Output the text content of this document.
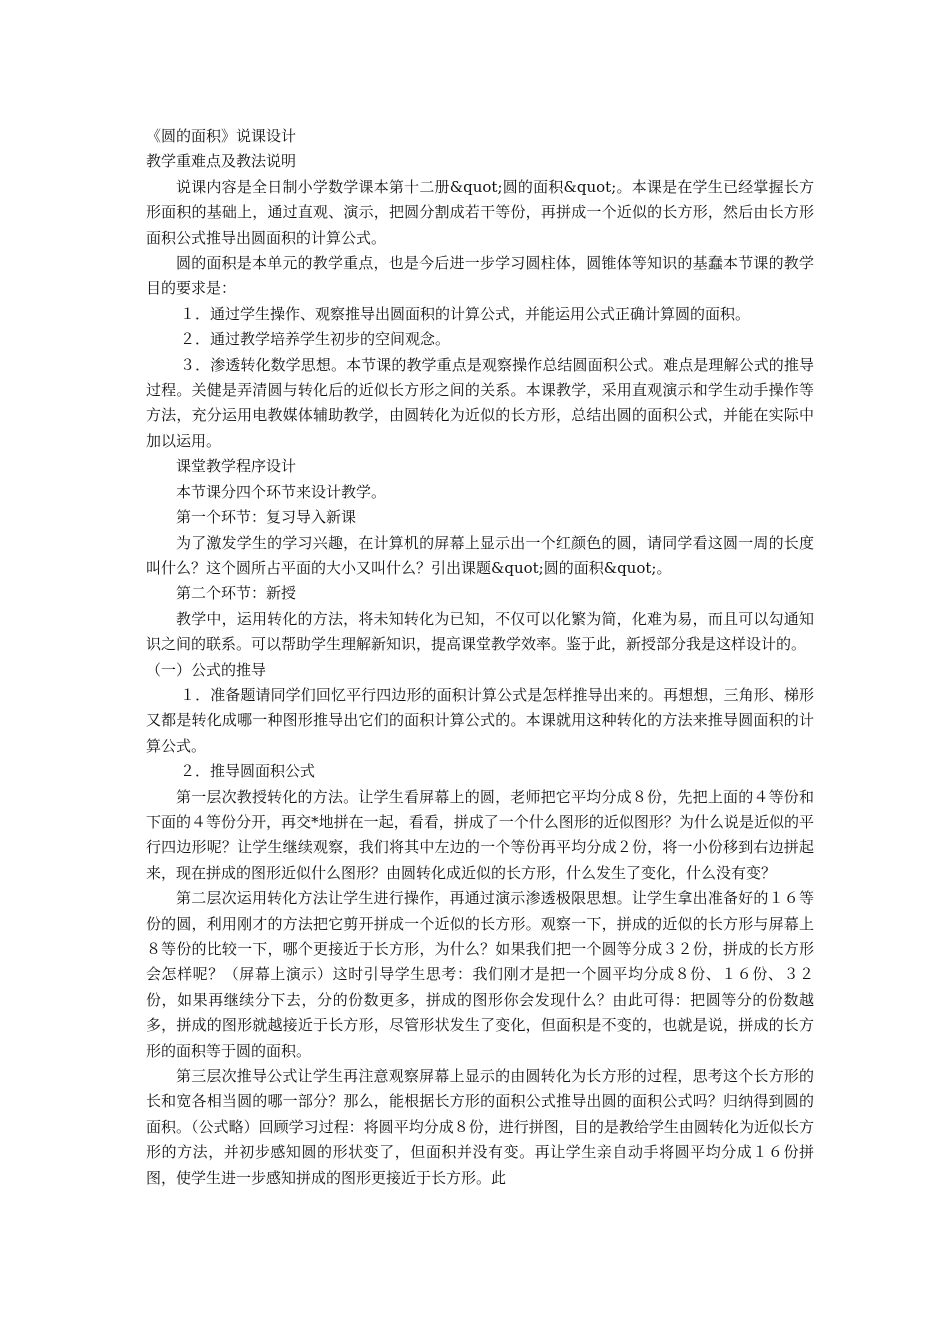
《圆的面积》说课设计

教学重难点及教法说明

说课内容是全日制小学数学课本第十二册&quot;圆的面积&quot;。本课是在学生已经掌握长方形面积的基础上，通过直观、演示，把圆分割成若干等份，再拼成一个近似的长方形，然后由长方形面积公式推导出圆面积的计算公式。

圆的面积是本单元的教学重点，也是今后进一步学习圆柱体，圆锥体等知识的基蠢本节课的教学目的要求是：

１．通过学生操作、观察推导出圆面积的计算公式，并能运用公式正确计算圆的面积。

２．通过教学培养学生初步的空间观念。

３．渗透转化数学思想。本节课的教学重点是观察操作总结圆面积公式。难点是理解公式的推导过程。关健是弄清圆与转化后的近似长方形之间的关系。本课教学，采用直观演示和学生动手操作等方法，充分运用电教媒体辅助教学，由圆转化为近似的长方形，总结出圆的面积公式，并能在实际中加以运用。

课堂教学程序设计

本节课分四个环节来设计教学。

第一个环节：复习导入新课

为了激发学生的学习兴趣，在计算机的屏幕上显示出一个红颜色的圆，请同学看这圆一周的长度叫什么？这个圆所占平面的大小又叫什么？引出课题&quot;圆的面积&quot;。

第二个环节：新授

教学中，运用转化的方法，将未知转化为已知，不仅可以化繁为简，化难为易，而且可以勾通知识之间的联系。可以帮助学生理解新知识，提高课堂教学效率。鉴于此，新授部分我是这样设计的。

（一）公式的推导

１．准备题请同学们回忆平行四边形的面积计算公式是怎样推导出来的。再想想，三角形、梯形又都是转化成哪一种图形推导出它们的面积计算公式的。本课就用这种转化的方法来推导圆面积的计算公式。

２．推导圆面积公式

第一层次教授转化的方法。让学生看屏幕上的圆，老师把它平均分成８份，先把上面的４等份和下面的４等份分开，再交*地拼在一起，看看，拼成了一个什么图形的近似图形？为什么说是近似的平行四边形呢？让学生继续观察，我们将其中左边的一个等份再平均分成２份，将一小份移到右边拼起来，现在拼成的图形近似什么图形？由圆转化成近似的长方形，什么发生了变化，什么没有变？

第二层次运用转化方法让学生进行操作，再通过演示渗透极限思想。让学生拿出准备好的１６等份的圆，利用刚才的方法把它剪开拼成一个近似的长方形。观察一下，拼成的近似的长方形与屏幕上８等份的比较一下，哪个更接近于长方形，为什么？如果我们把一个圆等分成３２份，拼成的长方形会怎样呢？（屏幕上演示）这时引导学生思考：我们刚才是把一个圆平均分成８份、１６份、３２份，如果再继续分下去，分的份数更多，拼成的图形你会发现什么？由此可得：把圆等分的份数越多，拼成的图形就越接近于长方形，尽管形状发生了变化，但面积是不变的，也就是说，拼成的长方形的面积等于圆的面积。

第三层次推导公式让学生再注意观察屏幕上显示的由圆转化为长方形的过程，思考这个长方形的长和宽各相当圆的哪一部分？那么，能根据长方形的面积公式推导出圆的面积公式吗？归纳得到圆的面积。（公式略）回顾学习过程：将圆平均分成８份，进行拼图，目的是教给学生由圆转化为近似长方形的方法，并初步感知圆的形状变了，但面积并没有变。再让学生亲自动手将圆平均分成１６份拼图，使学生进一步感知拼成的图形更接近于长方形。此
